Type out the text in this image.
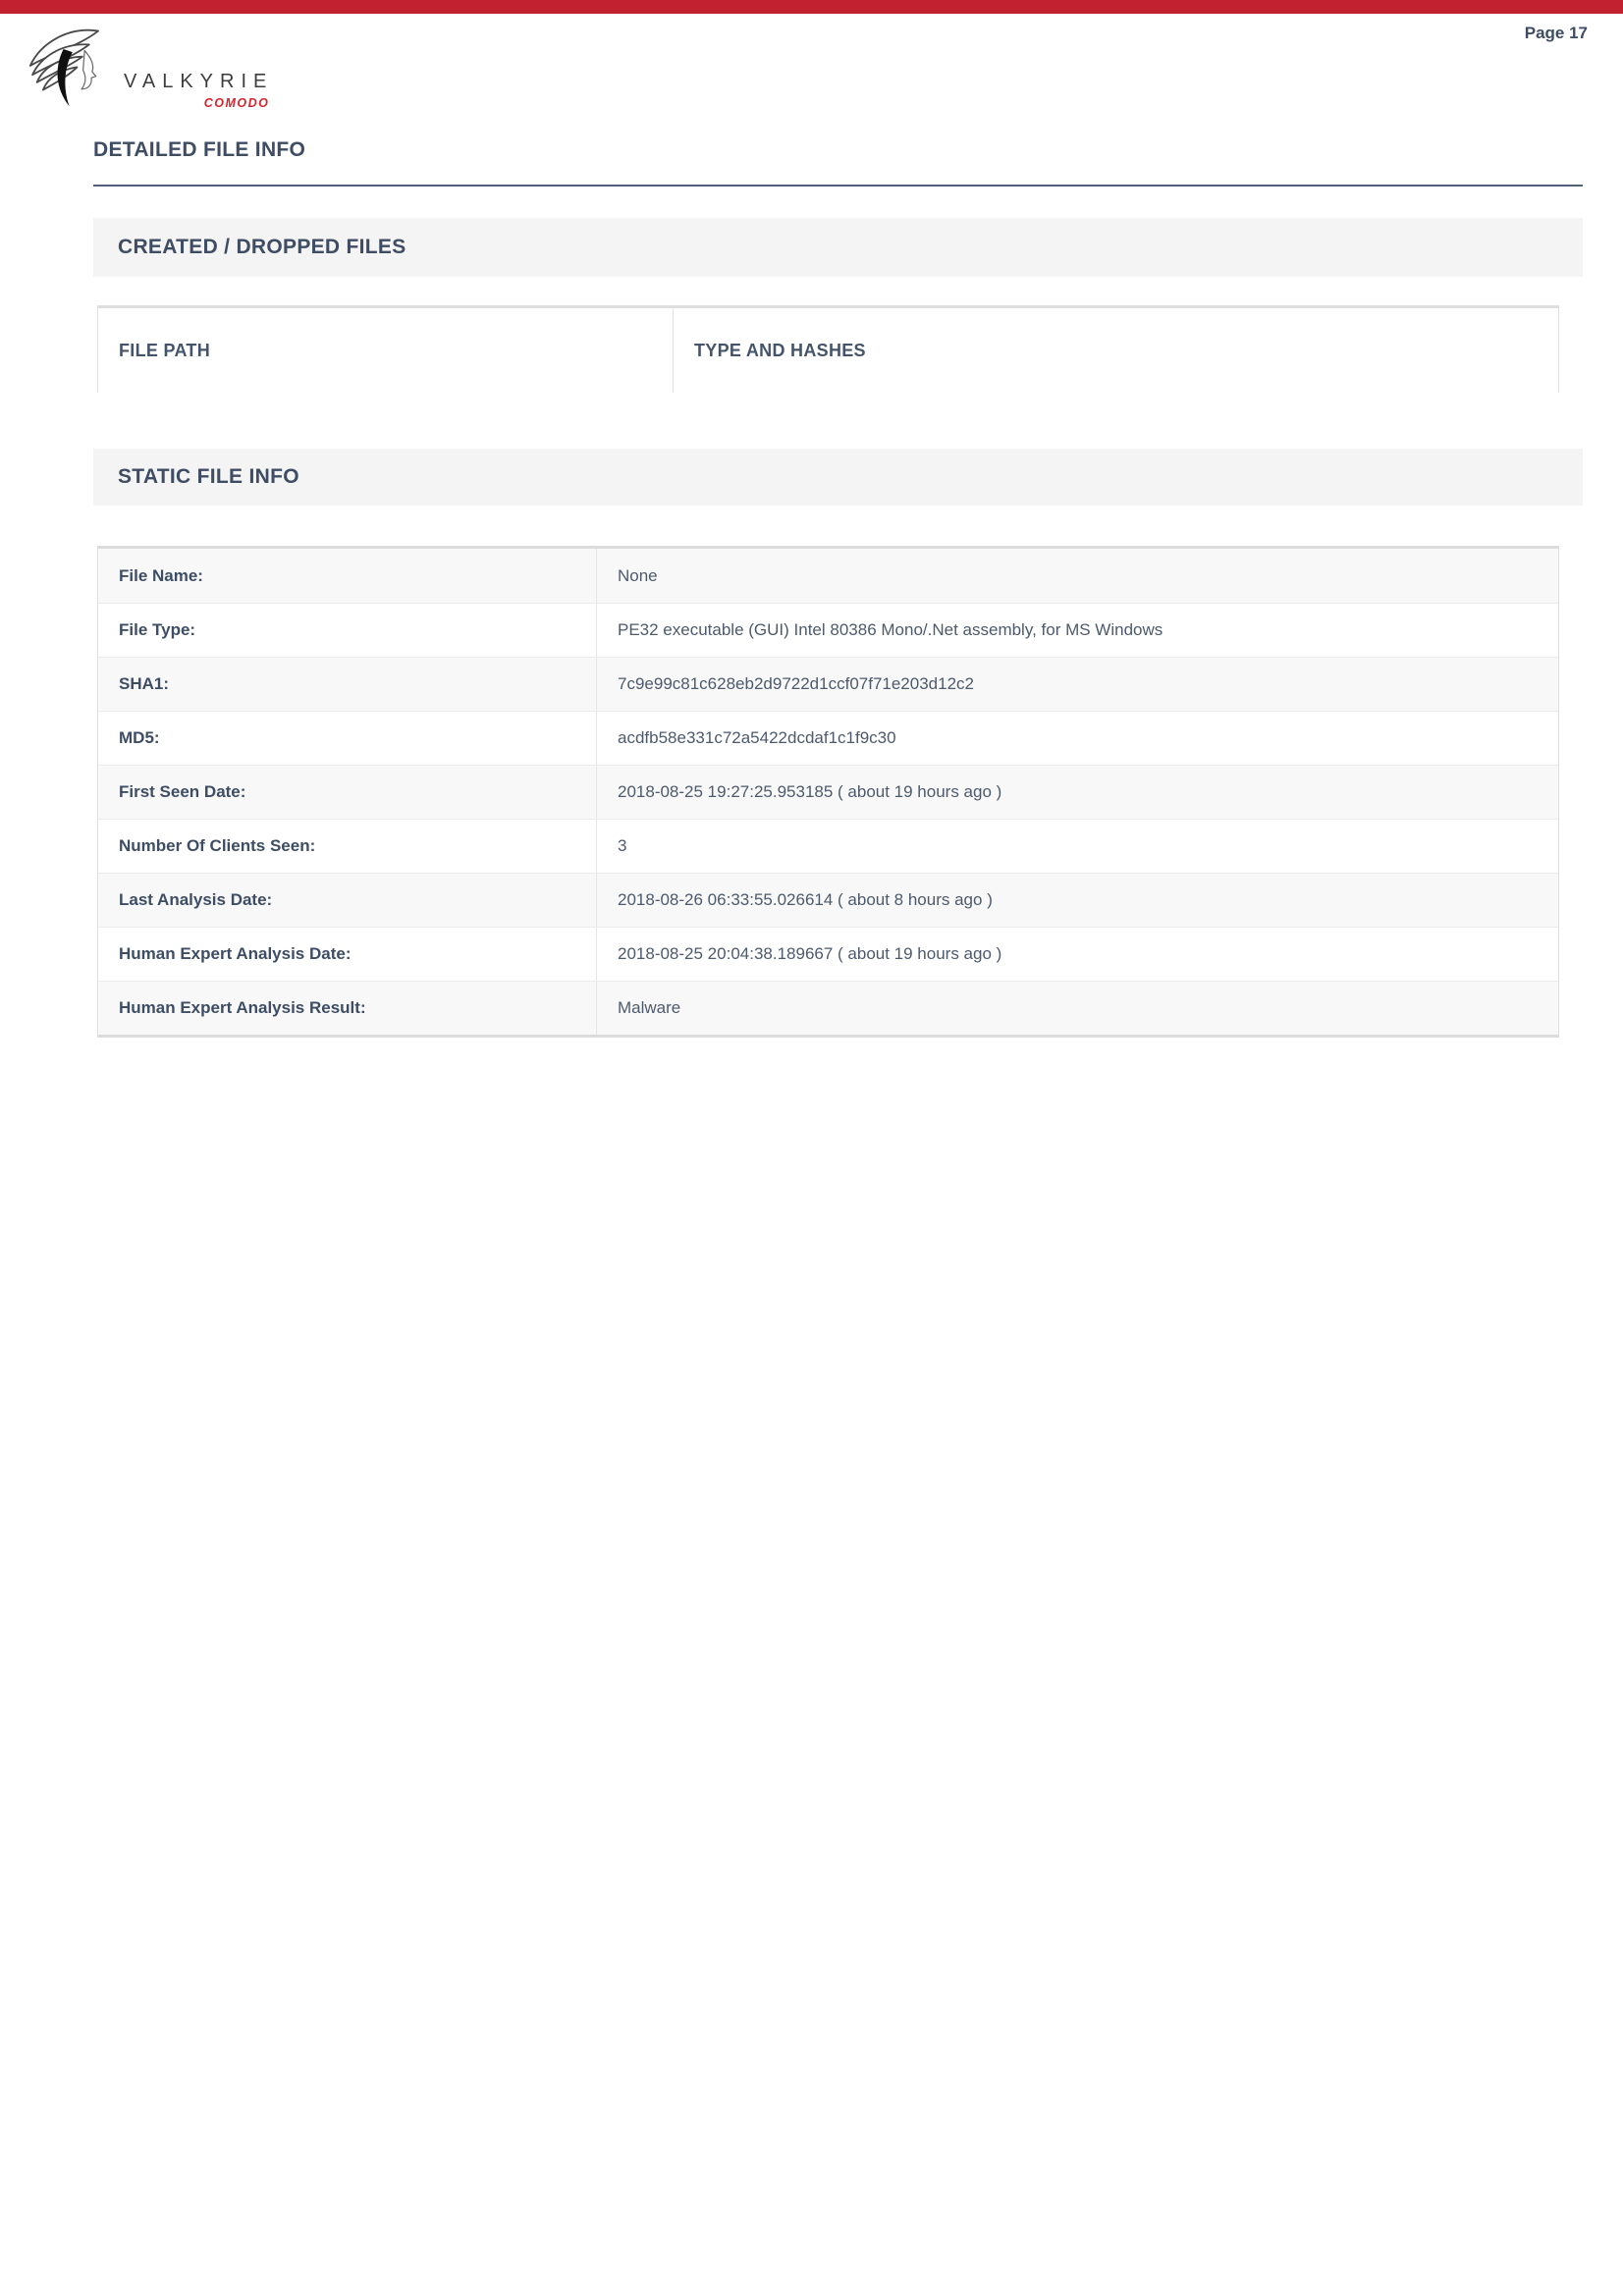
VALKYRIE
COMODO
Page 17
DETAILED FILE INFO
CREATED / DROPPED FILES
FILE PATH	TYPE AND HASHES
STATIC FILE INFO
File Name:	None
File Type:	PE32 executable (GUI) Intel 80386 Mono/.Net assembly, for MS Windows
SHA1:	7c9e99c81c628eb2d9722d1ccf07f71e203d12c2
MD5:	acdfb58e331c72a5422dcdaf1c1f9c30
First Seen Date:	2018-08-25 19:27:25.953185 ( about 19 hours ago )
Number Of Clients Seen:	3
Last Analysis Date:	2018-08-26 06:33:55.026614 ( about 8 hours ago )
Human Expert Analysis Date:	2018-08-25 20:04:38.189667 ( about 19 hours ago )
Human Expert Analysis Result:	Malware
